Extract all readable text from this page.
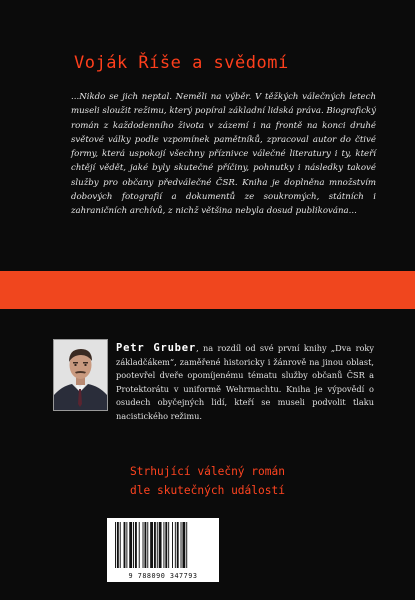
Voják Říše a svědomí

...Nikdo se jich neptal. Neměli na výběr. V těžkých válečných letech museli sloužit režimu, který popíral základní lidská práva. Biografický román z každodenního života v zázemí i na frontě na konci druhé světové války podle vzpomínek pamětníků, zpracoval autor do čtivé formy, která uspokojí všechny příznivce válečné literatury i ty, kteří chtějí vědět, jaké byly skutečné příčiny, pohnutky i následky takové služby pro občany předválečné ČSR. Kniha je doplněna množstvím dobových fotografií a dokumentů ze soukromých, státních i zahraničních archívů, z nichž většina nebyla dosud publikována...

Petr Gruber, na rozdíl od své první knihy „Dva roky základčákem“, zaměřené historicky i žánrově na jinou oblast, pootevřel dveře opomíjenému tématu služby občanů ČSR a Protektorátu v uniformě Wehrmachtu. Kniha je výpovědí o osudech obyčejných lidí, kteří se museli podvolit tlaku nacistického režimu.

Strhující válečný román
dle skutečných událostí
9 788090 347793
